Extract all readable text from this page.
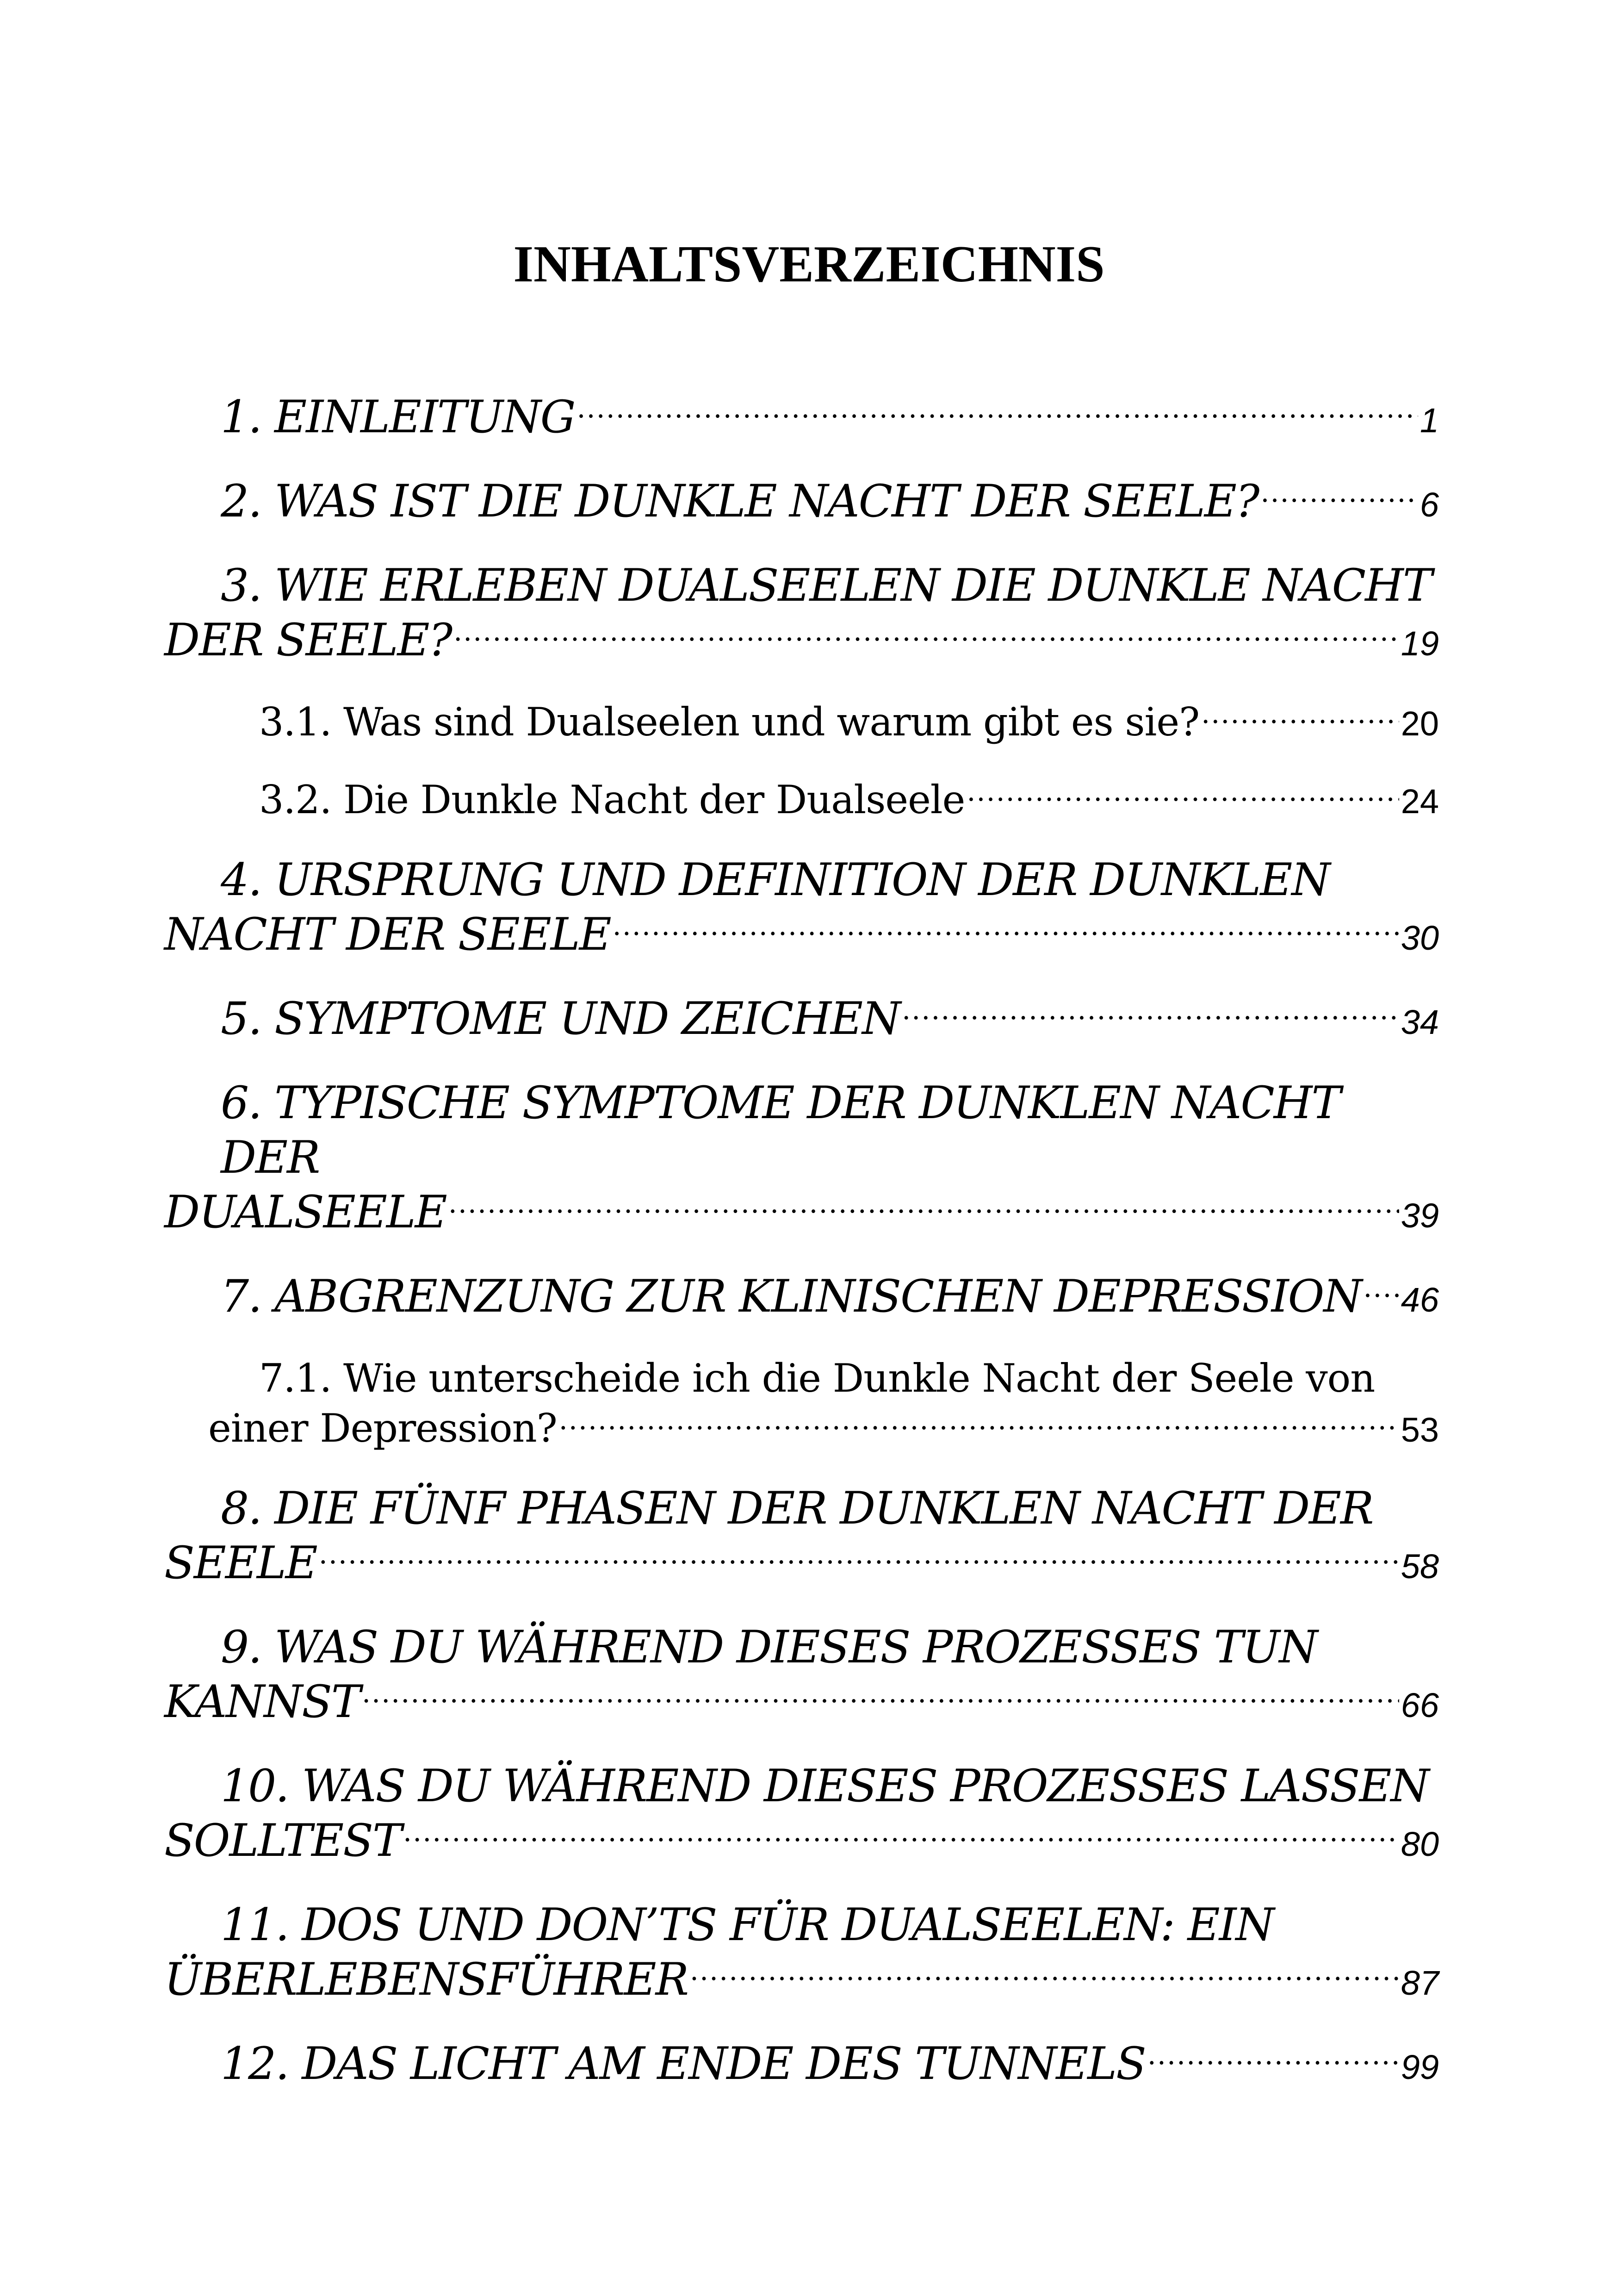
INHALTSVERZEICHNIS
1. EINLEITUNG .....	1
2. WAS IST DIE DUNKLE NACHT DER SEELE? .....	6
3. WIE ERLEBEN DUALSEELEN DIE DUNKLE NACHT
DER SEELE? .....	19
3.1. Was sind Dualseelen und warum gibt es sie? .....	20
3.2. Die Dunkle Nacht der Dualseele .....	24
4. URSPRUNG UND DEFINITION DER DUNKLEN
NACHT DER SEELE .....	30
5. SYMPTOME UND ZEICHEN .....	34
6. TYPISCHE SYMPTOME DER DUNKLEN NACHT DER
DUALSEELE .....	39
7. ABGRENZUNG ZUR KLINISCHEN DEPRESSION ..... 46
7.1. Wie unterscheide ich die Dunkle Nacht der Seele von
einer Depression? .....	53
8. DIE FÜNF PHASEN DER DUNKLEN NACHT DER
SEELE .....	58
9. WAS DU WÄHREND DIESES PROZESSES TUN
KANNST .....	66
10. WAS DU WÄHREND DIESES PROZESSES LASSEN
SOLLTEST .....	80
11. DOS UND DON’TS FÜR DUALSEELEN: EIN
ÜBERLEBENSFÜHRER .....	87
12. DAS LICHT AM ENDE DES TUNNELS .....	99
